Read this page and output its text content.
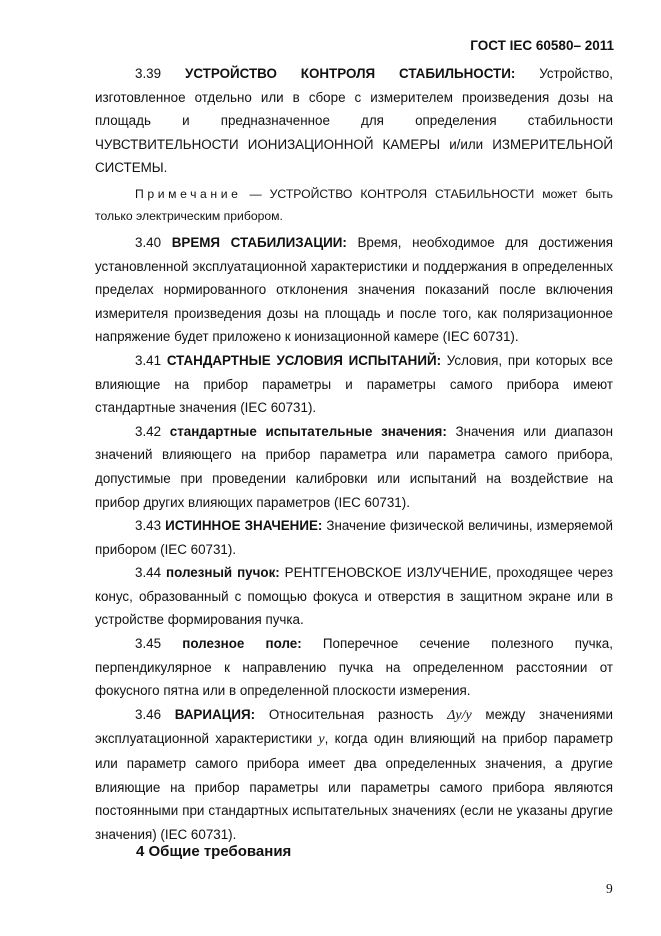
ГОСТ IEC 60580– 2011

3.39 УСТРОЙСТВО КОНТРОЛЯ СТАБИЛЬНОСТИ: Устройство, изготовленное отдельно или в сборе с измерителем произведения дозы на площадь и предназначенное для определения стабильности ЧУВСТВИТЕЛЬНОСТИ ИОНИЗАЦИОННОЙ КАМЕРЫ и/или ИЗМЕРИТЕЛЬНОЙ СИСТЕМЫ.

Примечание — УСТРОЙСТВО КОНТРОЛЯ СТАБИЛЬНОСТИ может быть только электрическим прибором.

3.40 ВРЕМЯ СТАБИЛИЗАЦИИ: Время, необходимое для достижения установленной эксплуатационной характеристики и поддержания в определенных пределах нормированного отклонения значения показаний после включения измерителя произведения дозы на площадь и после того, как поляризационное напряжение будет приложено к ионизационной камере (IEC 60731).

3.41 СТАНДАРТНЫЕ УСЛОВИЯ ИСПЫТАНИЙ: Условия, при которых все влияющие на прибор параметры и параметры самого прибора имеют стандартные значения (IEC 60731).

3.42 стандартные испытательные значения: Значения или диапазон значений влияющего на прибор параметра или параметра самого прибора, допустимые при проведении калибровки или испытаний на воздействие на прибор других влияющих параметров (IEC 60731).

3.43 ИСТИННОЕ ЗНАЧЕНИЕ: Значение физической величины, измеряемой прибором (IEC 60731).

3.44 полезный пучок: РЕНТГЕНОВСКОЕ ИЗЛУЧЕНИЕ, проходящее через конус, образованный с помощью фокуса и отверстия в защитном экране или в устройстве формирования пучка.

3.45 полезное поле: Поперечное сечение полезного пучка, перпендикулярное к направлению пучка на определенном расстоянии от фокусного пятна или в определенной плоскости измерения.

3.46 ВАРИАЦИЯ: Относительная разность Δy/y между значениями эксплуатационной характеристики y, когда один влияющий на прибор параметр или параметр самого прибора имеет два определенных значения, а другие влияющие на прибор параметры или параметры самого прибора являются постоянными при стандартных испытательных значениях (если не указаны другие значения) (IEC 60731).

4 Общие требования
9
